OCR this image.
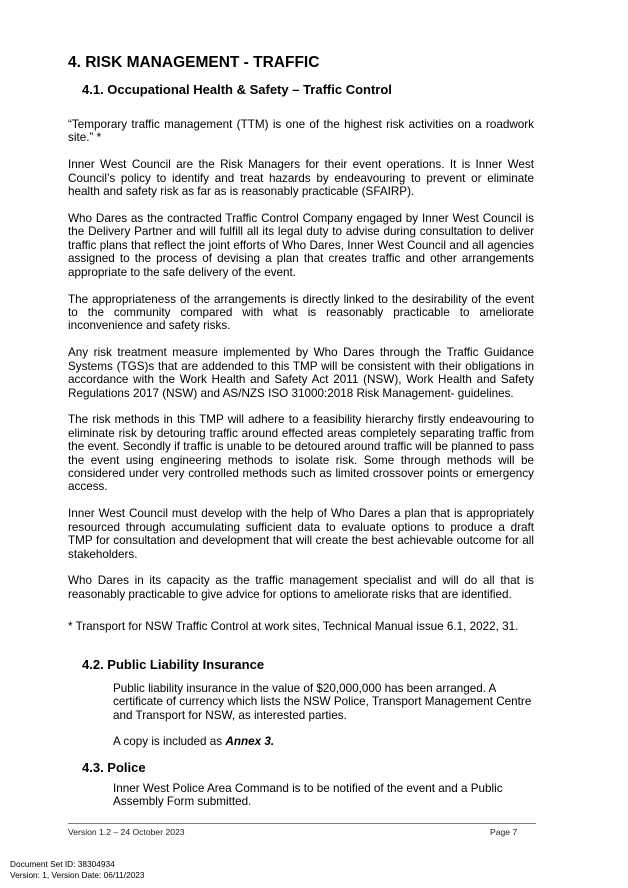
4. RISK MANAGEMENT - TRAFFIC
4.1. Occupational Health & Safety – Traffic Control

“Temporary traffic management (TTM) is one of the highest risk activities on a roadwork site.” *

Inner West Council are the Risk Managers for their event operations. It is Inner West Council’s policy to identify and treat hazards by endeavouring to prevent or eliminate health and safety risk as far as is reasonably practicable (SFAIRP).

Who Dares as the contracted Traffic Control Company engaged by Inner West Council is the Delivery Partner and will fulfill all its legal duty to advise during consultation to deliver traffic plans that reflect the joint efforts of Who Dares, Inner West Council and all agencies assigned to the process of devising a plan that creates traffic and other arrangements appropriate to the safe delivery of the event.

The appropriateness of the arrangements is directly linked to the desirability of the event to the community compared with what is reasonably practicable to ameliorate inconvenience and safety risks.

Any risk treatment measure implemented by Who Dares through the Traffic Guidance Systems (TGS)s that are addended to this TMP will be consistent with their obligations in accordance with the Work Health and Safety Act 2011 (NSW), Work Health and Safety Regulations 2017 (NSW) and AS/NZS ISO 31000:2018 Risk Management- guidelines.

The risk methods in this TMP will adhere to a feasibility hierarchy firstly endeavouring to eliminate risk by detouring traffic around effected areas completely separating traffic from the event. Secondly if traffic is unable to be detoured around traffic will be planned to pass the event using engineering methods to isolate risk. Some through methods will be considered under very controlled methods such as limited crossover points or emergency access.

Inner West Council must develop with the help of Who Dares a plan that is appropriately resourced through accumulating sufficient data to evaluate options to produce a draft TMP for consultation and development that will create the best achievable outcome for all stakeholders.

Who Dares in its capacity as the traffic management specialist and will do all that is reasonably practicable to give advice for options to ameliorate risks that are identified.

* Transport for NSW Traffic Control at work sites, Technical Manual issue 6.1, 2022, 31.
4.2. Public Liability Insurance
Public liability insurance in the value of $20,000,000 has been arranged. A certificate of currency which lists the NSW Police, Transport Management Centre and Transport for NSW, as interested parties.
A copy is included as Annex 3.
4.3. Police
Inner West Police Area Command is to be notified of the event and a Public Assembly Form submitted.
Version 1.2 – 24 October 2023	Page 7
Document Set ID: 38304934
Version: 1, Version Date: 06/11/2023
